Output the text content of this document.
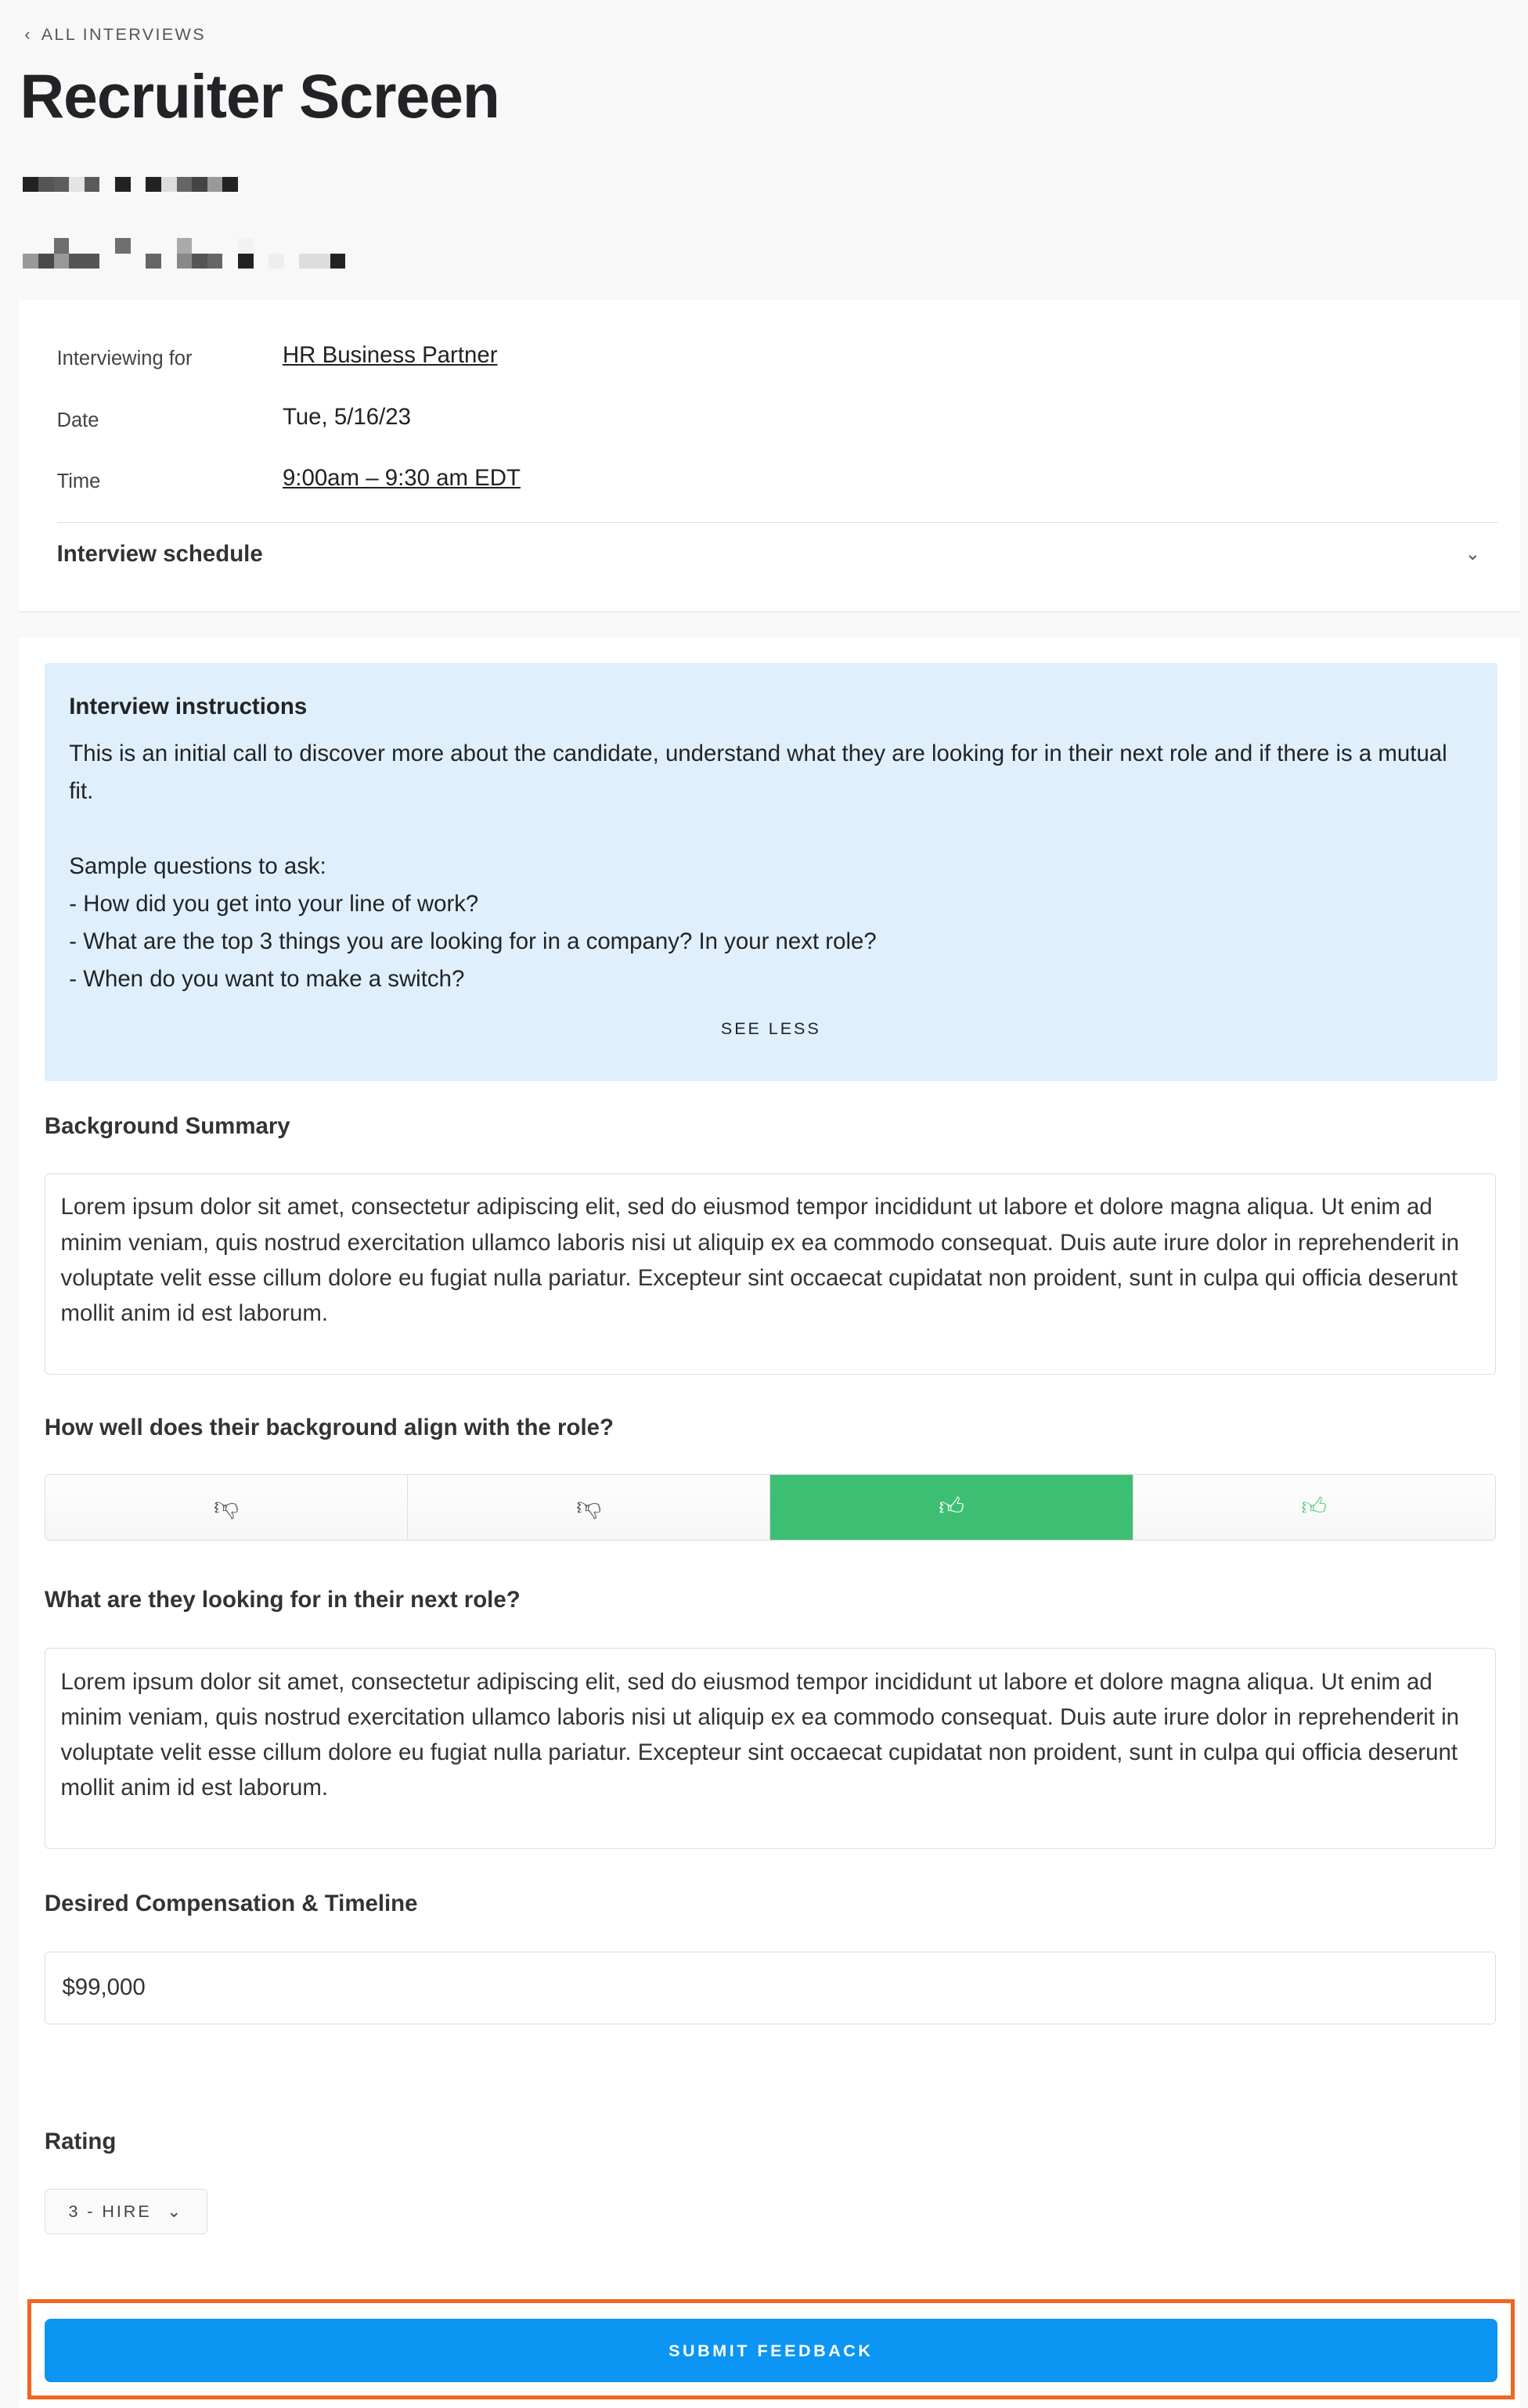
‹ ALL INTERVIEWS
Recruiter Screen
Interviewing for	HR Business Partner
Date	Tue, 5/16/23
Time	9:00am – 9:30 am EDT
Interview schedule	⌄
Interview instructions

This is an initial call to discover more about the candidate, understand what they are looking for in their next role and if there is a mutual fit.

Sample questions to ask:
- How did you get into your line of work?
- What are the top 3 things you are looking for in a company? In your next role?
- When do you want to make a switch?

SEE LESS
Background Summary
Lorem ipsum dolor sit amet, consectetur adipiscing elit, sed do eiusmod tempor incididunt ut labore et dolore magna aliqua. Ut enim ad minim veniam, quis nostrud exercitation ullamco laboris nisi ut aliquip ex ea commodo consequat. Duis aute irure dolor in reprehenderit in voluptate velit esse cillum dolore eu fugiat nulla pariatur. Excepteur sint occaecat cupidatat non proident, sunt in culpa qui officia deserunt mollit anim id est laborum.
How well does their background align with the role?
👎︎	👎︎	👍︎	👍︎
What are they looking for in their next role?
Lorem ipsum dolor sit amet, consectetur adipiscing elit, sed do eiusmod tempor incididunt ut labore et dolore magna aliqua. Ut enim ad minim veniam, quis nostrud exercitation ullamco laboris nisi ut aliquip ex ea commodo consequat. Duis aute irure dolor in reprehenderit in voluptate velit esse cillum dolore eu fugiat nulla pariatur. Excepteur sint occaecat cupidatat non proident, sunt in culpa qui officia deserunt mollit anim id est laborum.
Desired Compensation & Timeline
$99,000
Rating
3 - HIRE ⌄
SUBMIT FEEDBACK
